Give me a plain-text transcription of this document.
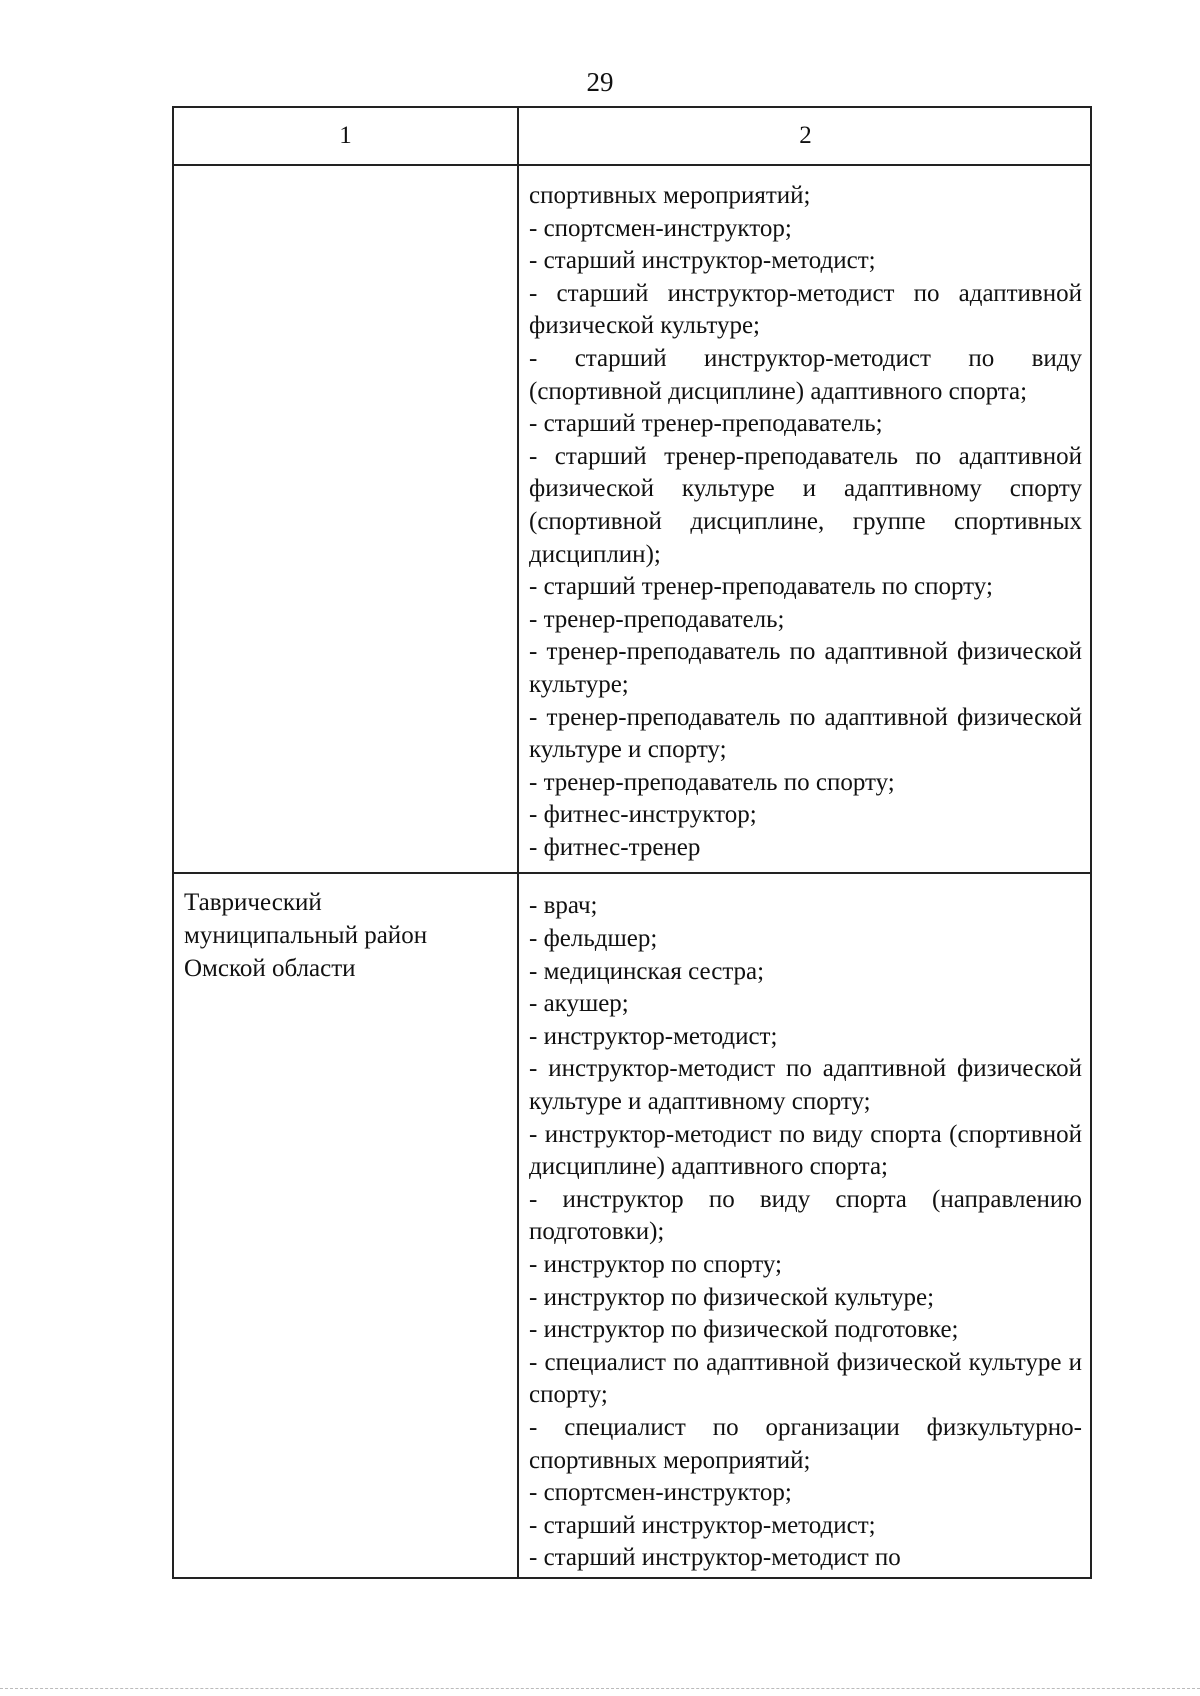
29
1	2
спортивных мероприятий;
- спортсмен-инструктор;
- старший инструктор-методист;
- старший инструктор-методист по адаптивной физической культуре;
- старший инструктор-методист по виду (спортивной дисциплине) адаптивного спорта;
- старший тренер-преподаватель;
- старший тренер-преподаватель по адаптивной физической культуре и адаптивному спорту (спортивной дисциплине, группе спортивных дисциплин);
- старший тренер-преподаватель по спорту;
- тренер-преподаватель;
- тренер-преподаватель по адаптивной физической культуре;
- тренер-преподаватель по адаптивной физической культуре и спорту;
- тренер-преподаватель по спорту;
- фитнес-инструктор;
- фитнес-тренер
Таврический
муниципальный район
Омской области
- врач;
- фельдшер;
- медицинская сестра;
- акушер;
- инструктор-методист;
- инструктор-методист по адаптивной физической культуре и адаптивному спорту;
- инструктор-методист по виду спорта (спортивной дисциплине) адаптивного спорта;
- инструктор по виду спорта (направлению подготовки);
- инструктор по спорту;
- инструктор по физической культуре;
- инструктор по физической подготовке;
- специалист по адаптивной физической культуре и спорту;
- специалист по организации физкультурно-спортивных мероприятий;
- спортсмен-инструктор;
- старший инструктор-методист;
- старший инструктор-методист по
